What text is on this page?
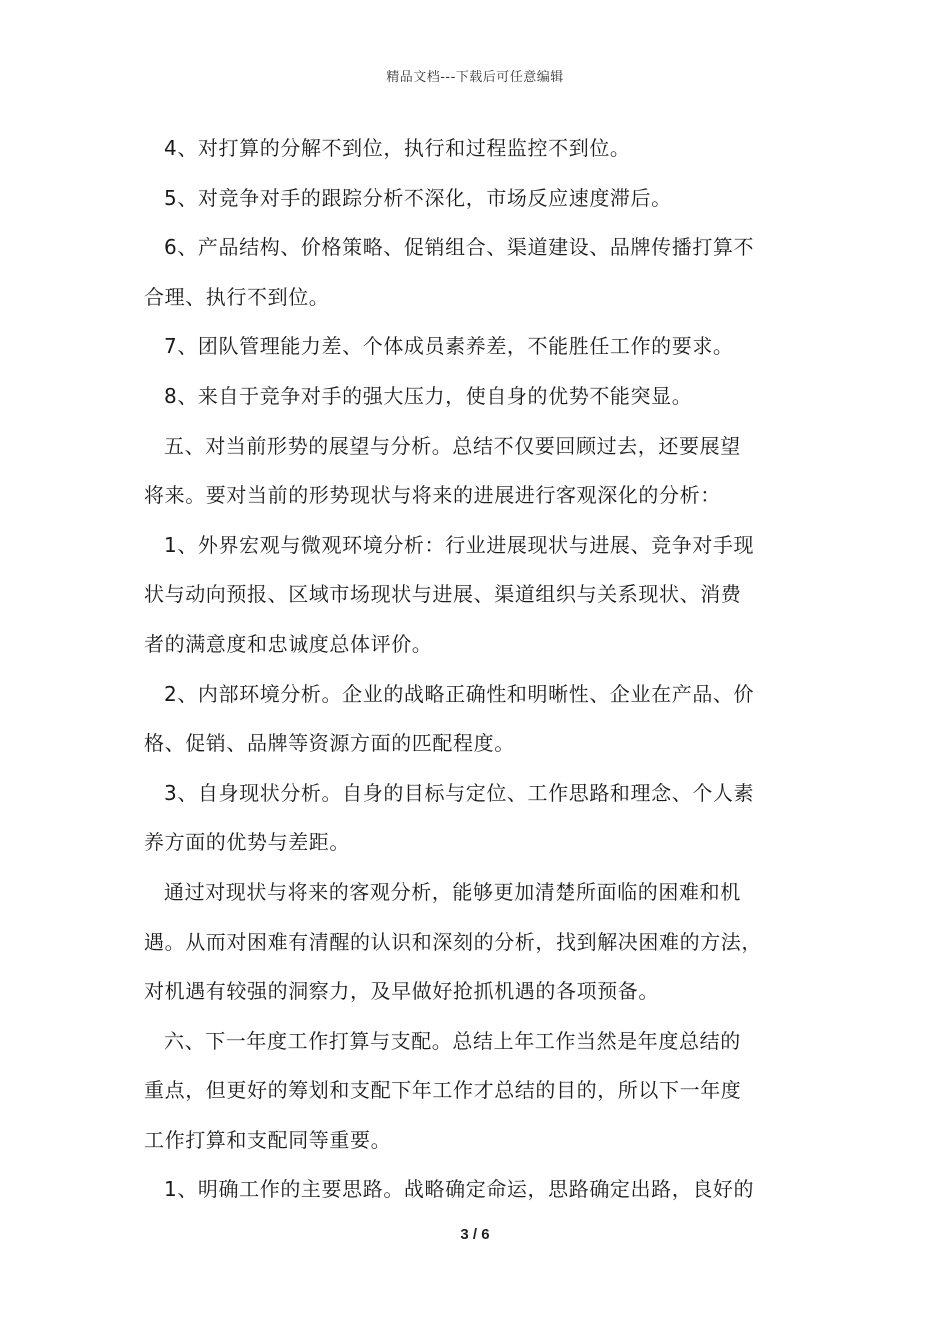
精品文档---下载后可任意编辑

4、对打算的分解不到位，执行和过程监控不到位。

5、对竞争对手的跟踪分析不深化，市场反应速度滞后。

6、产品结构、价格策略、促销组合、渠道建设、品牌传播打算不

合理、执行不到位。

7、团队管理能力差、个体成员素养差，不能胜任工作的要求。

8、来自于竞争对手的强大压力，使自身的优势不能突显。

五、对当前形势的展望与分析。总结不仅要回顾过去，还要展望

将来。要对当前的形势现状与将来的进展进行客观深化的分析：

1、外界宏观与微观环境分析：行业进展现状与进展、竞争对手现

状与动向预报、区域市场现状与进展、渠道组织与关系现状、消费

者的满意度和忠诚度总体评价。

2、内部环境分析。企业的战略正确性和明晰性、企业在产品、价

格、促销、品牌等资源方面的匹配程度。

3、自身现状分析。自身的目标与定位、工作思路和理念、个人素

养方面的优势与差距。

通过对现状与将来的客观分析，能够更加清楚所面临的困难和机

遇。从而对困难有清醒的认识和深刻的分析，找到解决困难的方法，

对机遇有较强的洞察力，及早做好抢抓机遇的各项预备。

六、下一年度工作打算与支配。总结上年工作当然是年度总结的

重点，但更好的筹划和支配下年工作才总结的目的，所以下一年度

工作打算和支配同等重要。

1、明确工作的主要思路。战略确定命运，思路确定出路，良好的

3 / 6
